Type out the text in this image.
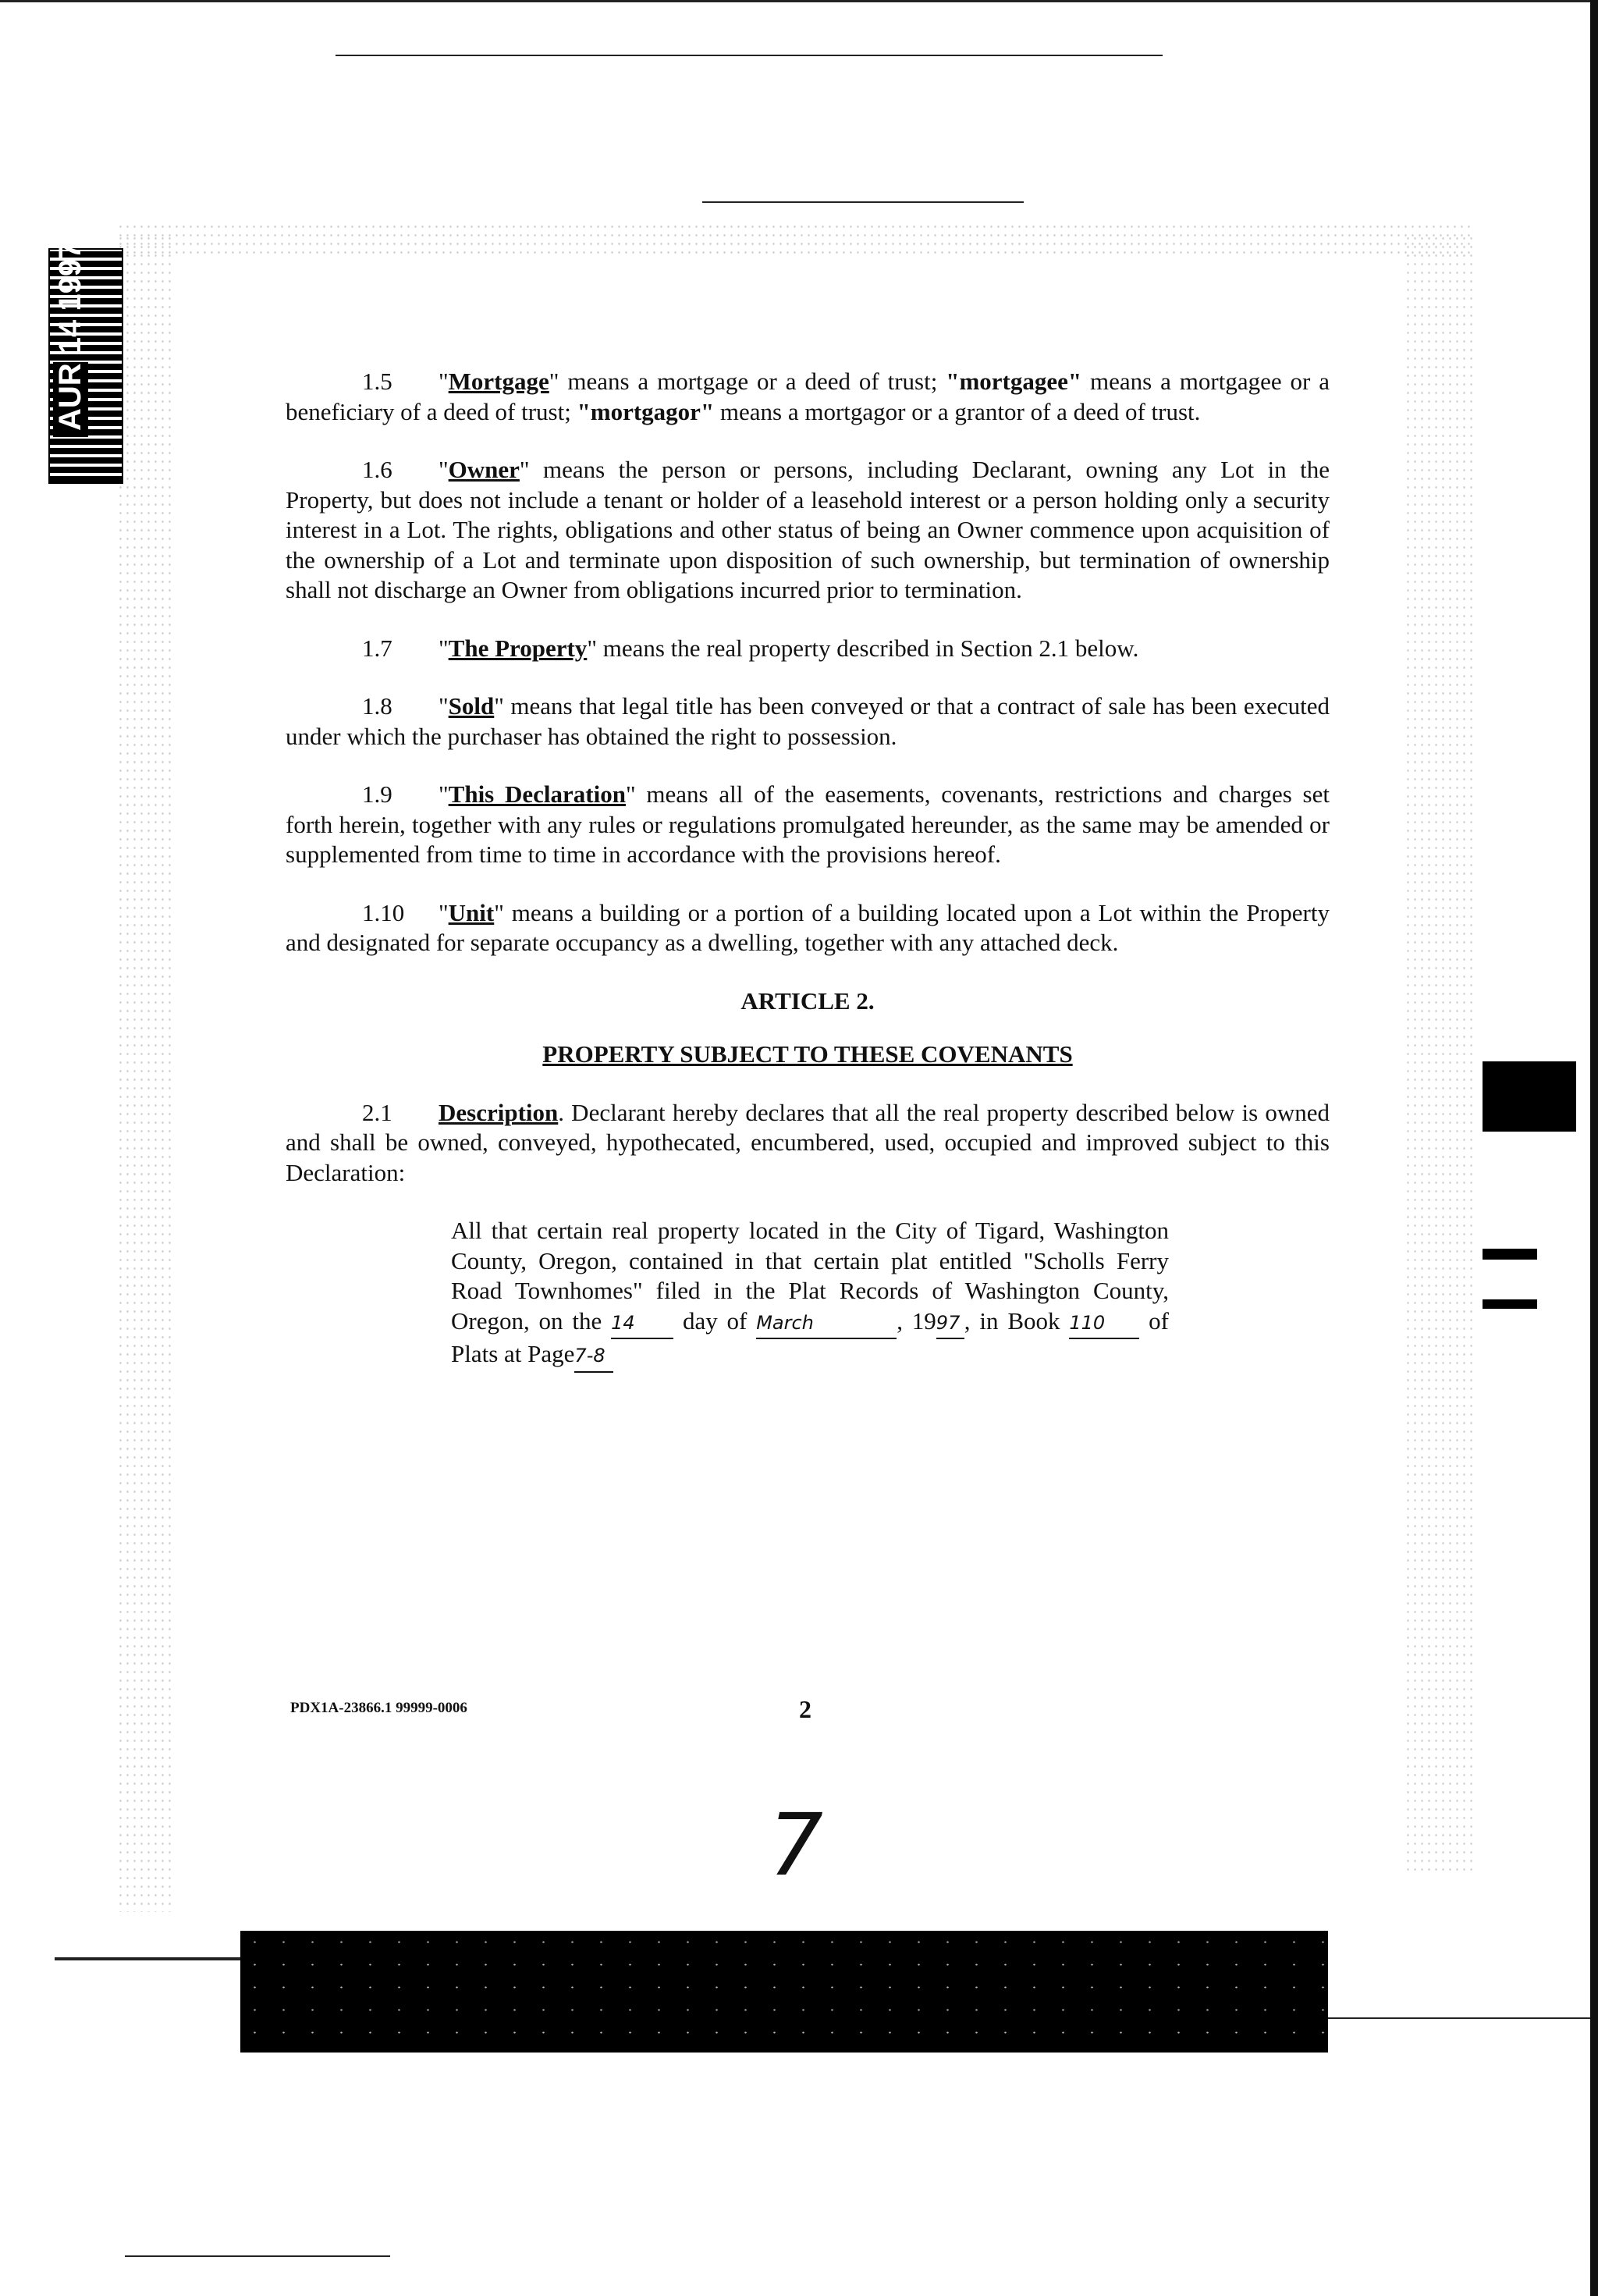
1.5 "Mortgage" means a mortgage or a deed of trust; "mortgagee" means a mortgagee or a beneficiary of a deed of trust; "mortgagor" means a mortgagor or a grantor of a deed of trust.

1.6 "Owner" means the person or persons, including Declarant, owning any Lot in the Property, but does not include a tenant or holder of a leasehold interest or a person holding only a security interest in a Lot. The rights, obligations and other status of being an Owner commence upon acquisition of the ownership of a Lot and terminate upon disposition of such ownership, but termination of ownership shall not discharge an Owner from obligations incurred prior to termination.

1.7 "The Property" means the real property described in Section 2.1 below.

1.8 "Sold" means that legal title has been conveyed or that a contract of sale has been executed under which the purchaser has obtained the right to possession.

1.9 "This Declaration" means all of the easements, covenants, restrictions and charges set forth herein, together with any rules or regulations promulgated hereunder, as the same may be amended or supplemented from time to time in accordance with the provisions hereof.

1.10 "Unit" means a building or a portion of a building located upon a Lot within the Property and designated for separate occupancy as a dwelling, together with any attached deck.

ARTICLE 2.
PROPERTY SUBJECT TO THESE COVENANTS

2.1 Description. Declarant hereby declares that all the real property described below is owned and shall be owned, conveyed, hypothecated, encumbered, used, occupied and improved subject to this Declaration:

All that certain real property located in the City of Tigard, Washington County, Oregon, contained in that certain plat entitled "Scholls Ferry Road Townhomes" filed in the Plat Records of Washington County, Oregon, on the 14 day of March	, 1997 , in Book 110 of Plats at Page7-8

PDX1A-23866.1 99999-0006	2
7
